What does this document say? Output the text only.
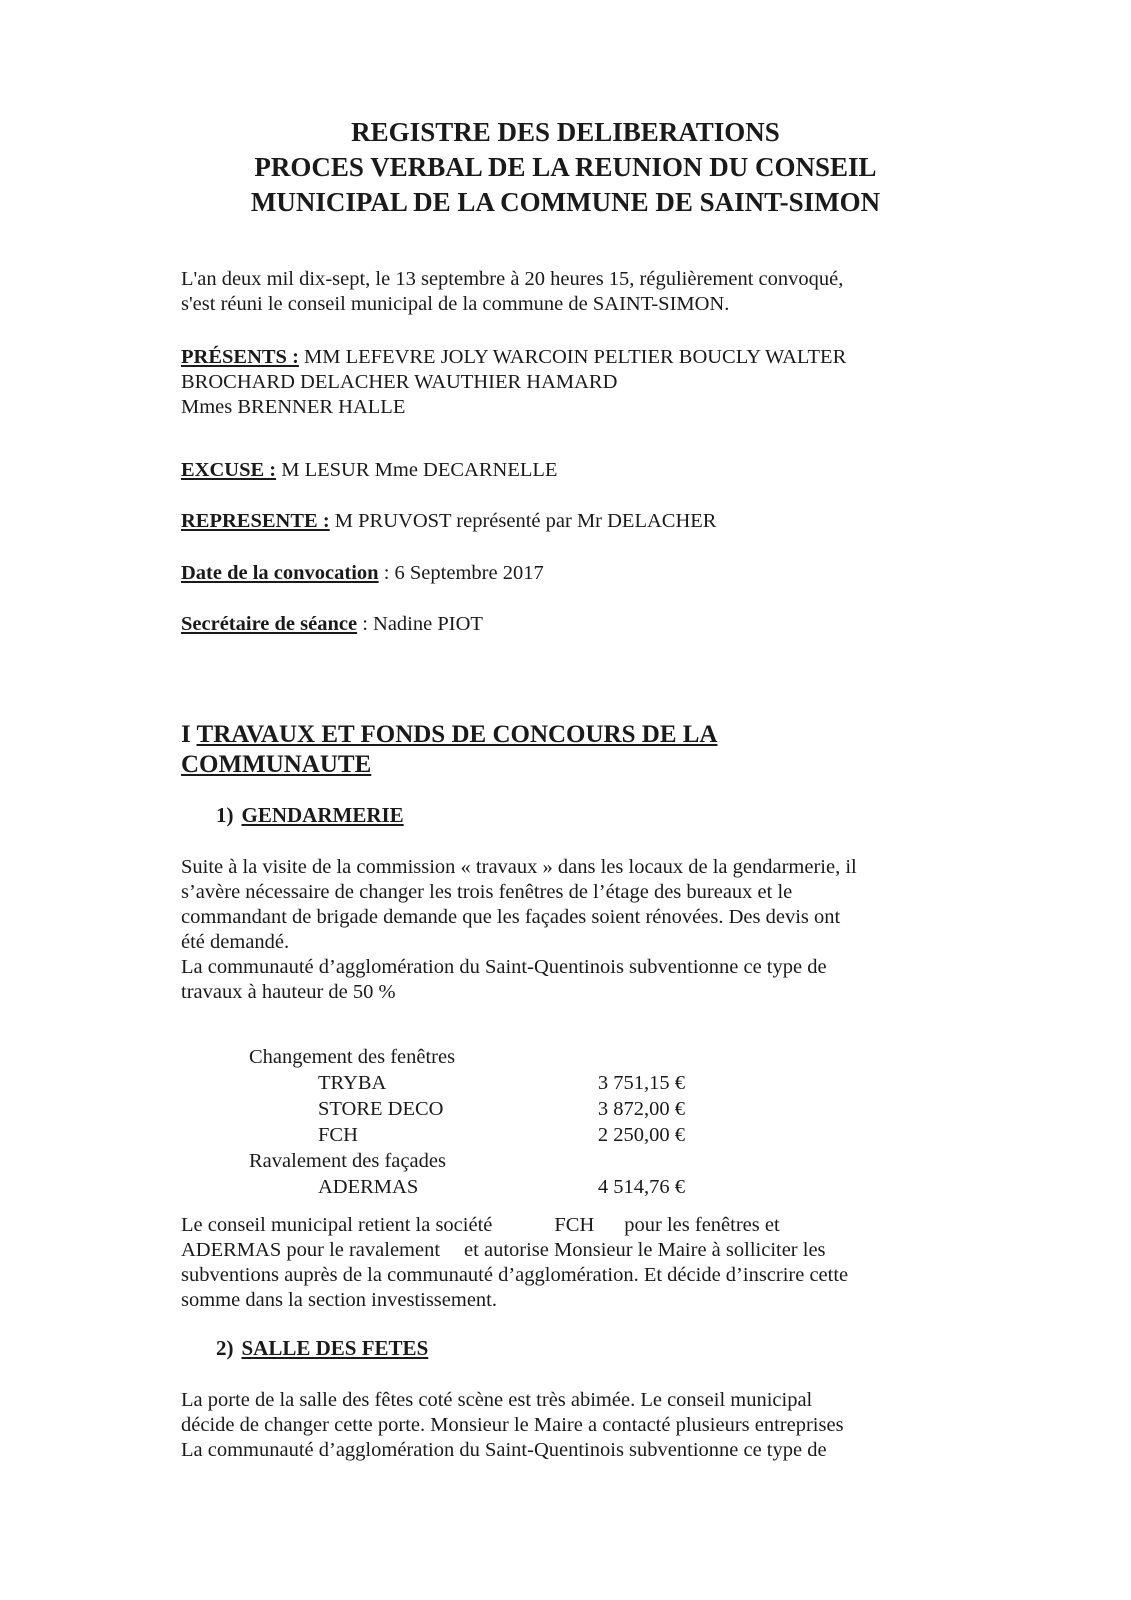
REGISTRE DES DELIBERATIONS
PROCES VERBAL DE LA REUNION DU CONSEIL
MUNICIPAL DE LA COMMUNE DE SAINT-SIMON
L'an deux mil dix-sept, le 13 septembre à 20 heures 15, régulièrement convoqué,
s'est réuni le conseil municipal de la commune de SAINT-SIMON.
PRÉSENTS : MM LEFEVRE JOLY WARCOIN PELTIER BOUCLY WALTER
BROCHARD DELACHER WAUTHIER HAMARD
Mmes BRENNER HALLE
EXCUSE : M LESUR Mme DECARNELLE
REPRESENTE : M PRUVOST représenté par Mr DELACHER
Date de la convocation : 6 Septembre 2017
Secrétaire de séance : Nadine PIOT
I TRAVAUX ET FONDS DE CONCOURS DE LA
COMMUNAUTE
1) GENDARMERIE
Suite à la visite de la commission « travaux » dans les locaux de la gendarmerie, il
s’avère nécessaire de changer les trois fenêtres de l’étage des bureaux et le
commandant de brigade demande que les façades soient rénovées. Des devis ont
été demandé.
La communauté d’agglomération du Saint-Quentinois subventionne ce type de
travaux à hauteur de 50 %
Changement des fenêtres
TRYBA	3 751,15 €
STORE DECO	3 872,00 €
FCH	2 250,00 €
Ravalement des façades
ADERMAS	4 514,76 €
Le conseil municipal retient la société	FCH pour les fenêtres et
ADERMAS pour le ravalement et autorise Monsieur le Maire à solliciter les
subventions auprès de la communauté d’agglomération. Et décide d’inscrire cette
somme dans la section investissement.
2) SALLE DES FETES
La porte de la salle des fêtes coté scène est très abimée. Le conseil municipal
décide de changer cette porte. Monsieur le Maire a contacté plusieurs entreprises
La communauté d’agglomération du Saint-Quentinois subventionne ce type de
